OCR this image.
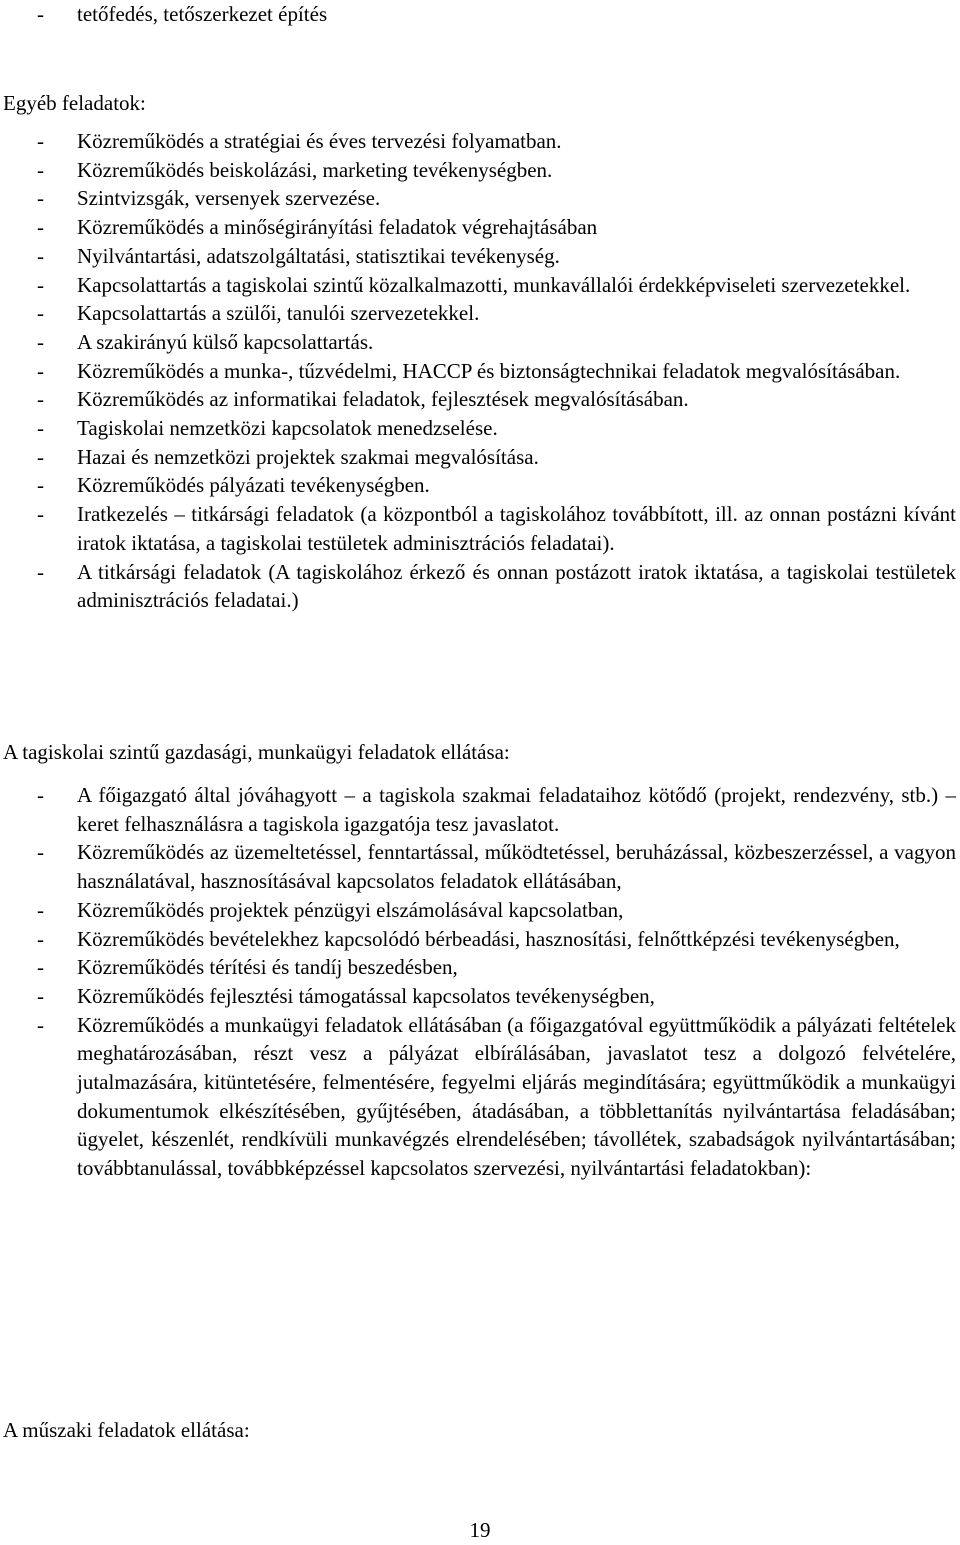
- tetőfedés, tetőszerkezet építés
Egyéb feladatok:
- Közreműködés a stratégiai és éves tervezési folyamatban.
- Közreműködés beiskolázási, marketing tevékenységben.
- Szintvizsgák, versenyek szervezése.
- Közreműködés a minőségirányítási feladatok végrehajtásában
- Nyilvántartási, adatszolgáltatási, statisztikai tevékenység.
- Kapcsolattartás a tagiskolai szintű közalkalmazotti, munkavállalói érdekképviseleti szervezetekkel.
- Kapcsolattartás a szülői, tanulói szervezetekkel.
- A szakirányú külső kapcsolattartás.
- Közreműködés a munka-, tűzvédelmi, HACCP és biztonságtechnikai feladatok megvalósításában.
- Közreműködés az informatikai feladatok, fejlesztések megvalósításában.
- Tagiskolai nemzetközi kapcsolatok menedzselése.
- Hazai és nemzetközi projektek szakmai megvalósítása.
- Közreműködés pályázati tevékenységben.
- Iratkezelés – titkársági feladatok (a központból a tagiskolához továbbított, ill. az onnan postázni kívánt iratok iktatása, a tagiskolai testületek adminisztrációs feladatai).
- A titkársági feladatok (A tagiskolához érkező és onnan postázott iratok iktatása, a tagiskolai testületek adminisztrációs feladatai.)
A tagiskolai szintű gazdasági, munkaügyi feladatok ellátása:
- A főigazgató által jóváhagyott – a tagiskola szakmai feladataihoz kötődő (projekt, rendezvény, stb.) – keret felhasználásra a tagiskola igazgatója tesz javaslatot.
- Közreműködés az üzemeltetéssel, fenntartással, működtetéssel, beruházással, közbeszerzéssel, a vagyon használatával, hasznosításával kapcsolatos feladatok ellátásában,
- Közreműködés projektek pénzügyi elszámolásával kapcsolatban,
- Közreműködés bevételekhez kapcsolódó bérbeadási, hasznosítási, felnőttképzési tevékenységben,
- Közreműködés térítési és tandíj beszedésben,
- Közreműködés fejlesztési támogatással kapcsolatos tevékenységben,
- Közreműködés a munkaügyi feladatok ellátásában (a főigazgatóval együttműködik a pályázati feltételek meghatározásában, részt vesz a pályázat elbírálásában, javaslatot tesz a dolgozó felvételére, jutalmazására, kitüntetésére, felmentésére, fegyelmi eljárás megindítására; együttműködik a munkaügyi dokumentumok elkészítésében, gyűjtésében, átadásában, a többlettanítás nyilvántartása feladásában; ügyelet, készenlét, rendkívüli munkavégzés elrendelésében; távollétek, szabadságok nyilvántartásában; továbbtanulással, továbbképzéssel kapcsolatos szervezési, nyilvántartási feladatokban):
A műszaki feladatok ellátása:
19
